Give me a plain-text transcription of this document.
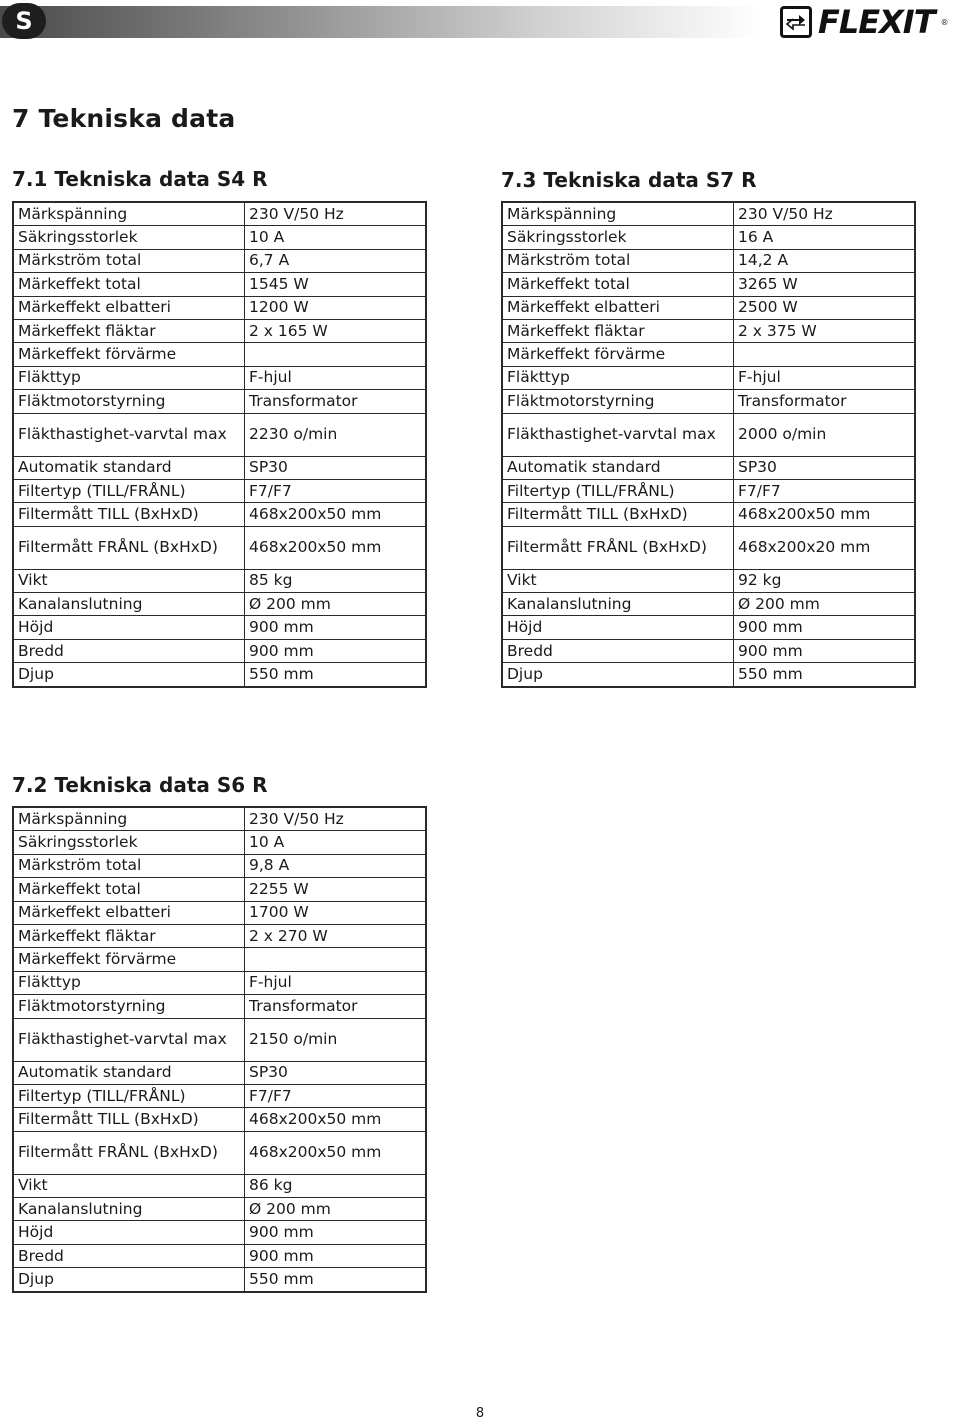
S	FLEXIT ®
7 Tekniska data
7.1 Tekniska data S4 R
Märkspänning	230 V/50 Hz
Säkringsstorlek	10 A
Märkström total	6,7 A
Märkeffekt total	1545 W
Märkeffekt elbatteri	1200 W
Märkeffekt fläktar	2 x 165 W
Märkeffekt förvärme	
Fläkttyp	F-hjul
Fläktmotorstyrning	Transformator
Fläkthastighet-varvtal max	2230 o/min
Automatik standard	SP30
Filtertyp (TILL/FRÅNL)	F7/F7
Filtermått TILL (BxHxD)	468x200x50 mm
Filtermått FRÅNL (BxHxD)	468x200x50 mm
Vikt	85 kg
Kanalanslutning	Ø 200 mm
Höjd	900 mm
Bredd	900 mm
Djup	550 mm
7.3 Tekniska data S7 R
Märkspänning	230 V/50 Hz
Säkringsstorlek	16 A
Märkström total	14,2 A
Märkeffekt total	3265 W
Märkeffekt elbatteri	2500 W
Märkeffekt fläktar	2 x 375 W
Märkeffekt förvärme	
Fläkttyp	F-hjul
Fläktmotorstyrning	Transformator
Fläkthastighet-varvtal max	2000 o/min
Automatik standard	SP30
Filtertyp (TILL/FRÅNL)	F7/F7
Filtermått TILL (BxHxD)	468x200x50 mm
Filtermått FRÅNL (BxHxD)	468x200x20 mm
Vikt	92 kg
Kanalanslutning	Ø 200 mm
Höjd	900 mm
Bredd	900 mm
Djup	550 mm
7.2 Tekniska data S6 R
Märkspänning	230 V/50 Hz
Säkringsstorlek	10 A
Märkström total	9,8 A
Märkeffekt total	2255 W
Märkeffekt elbatteri	1700 W
Märkeffekt fläktar	2 x 270 W
Märkeffekt förvärme	
Fläkttyp	F-hjul
Fläktmotorstyrning	Transformator
Fläkthastighet-varvtal max	2150 o/min
Automatik standard	SP30
Filtertyp (TILL/FRÅNL)	F7/F7
Filtermått TILL (BxHxD)	468x200x50 mm
Filtermått FRÅNL (BxHxD)	468x200x50 mm
Vikt	86 kg
Kanalanslutning	Ø 200 mm
Höjd	900 mm
Bredd	900 mm
Djup	550 mm
8
